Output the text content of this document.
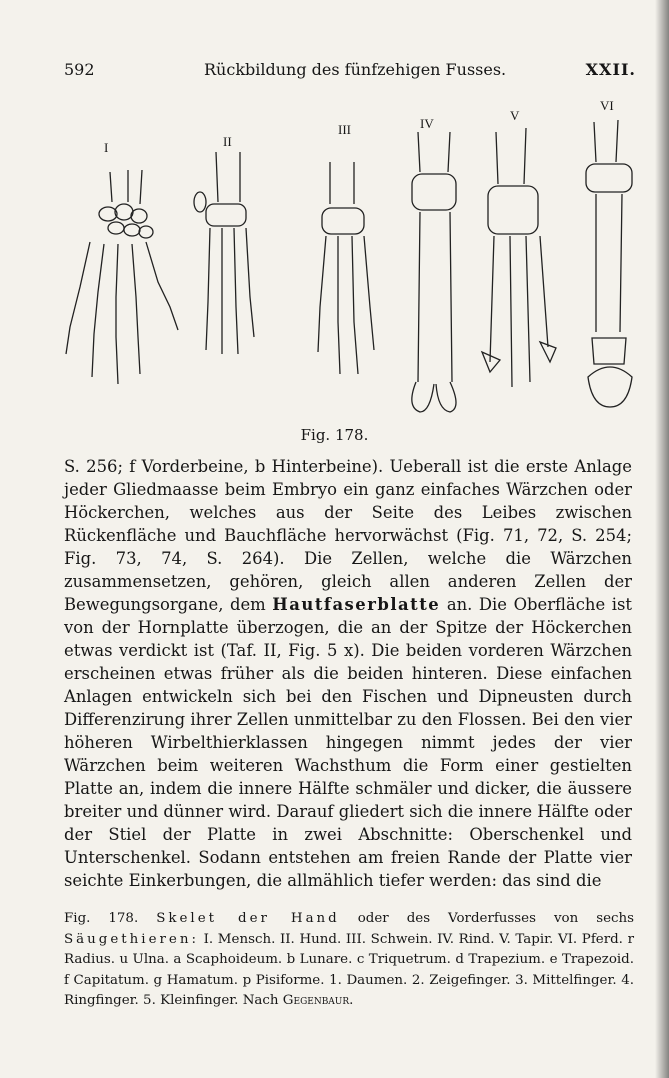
592	Rückbildung des fünfzehigen Fusses.	XXII.
I	II
III	IV
V
VI
Fig. 178.

S. 256; f Vorderbeine, b Hinterbeine). Ueberall ist die erste Anlage jeder Gliedmaasse beim Embryo ein ganz einfaches Wärzchen oder Höckerchen, welches aus der Seite des Leibes zwischen Rückenfläche und Bauchfläche hervorwächst (Fig. 71, 72, S. 254; Fig. 73, 74, S. 264). Die Zellen, welche die Wärzchen zusammensetzen, gehören, gleich allen anderen Zellen der Bewegungsorgane, dem Hautfaserblatte an. Die Oberfläche ist von der Hornplatte überzogen, die an der Spitze der Höckerchen etwas verdickt ist (Taf. II, Fig. 5 x). Die beiden vorderen Wärzchen erscheinen etwas früher als die beiden hinteren. Diese einfachen Anlagen entwickeln sich bei den Fischen und Dipneusten durch Differenzirung ihrer Zellen unmittelbar zu den Flossen. Bei den vier höheren Wirbelthierklassen hingegen nimmt jedes der vier Wärzchen beim weiteren Wachsthum die Form einer gestielten Platte an, indem die innere Hälfte schmäler und dicker, die äussere breiter und dünner wird. Darauf gliedert sich die innere Hälfte oder der Stiel der Platte in zwei Abschnitte: Oberschenkel und Unterschenkel. Sodann entstehen am freien Rande der Platte vier seichte Einkerbungen, die allmählich tiefer werden: das sind die

Fig. 178. Skelet der Hand oder des Vorderfusses von sechs Säugethieren: I. Mensch. II. Hund. III. Schwein. IV. Rind. V. Tapir. VI. Pferd. r Radius. u Ulna. a Scaphoideum. b Lunare. c Triquetrum. d Trapezium. e Trapezoid. f Capitatum. g Hamatum. p Pisiforme. 1. Daumen. 2. Zeigefinger. 3. Mittelfinger. 4. Ringfinger. 5. Kleinfinger. Nach Gegenbaur.
